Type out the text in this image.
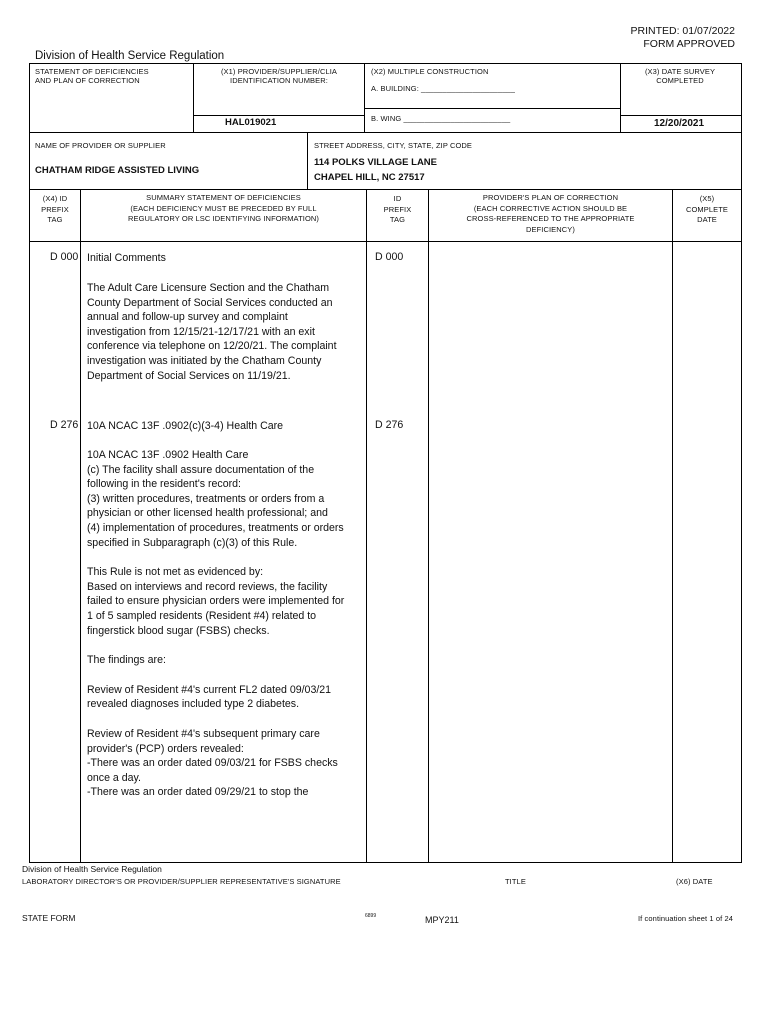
PRINTED: 01/07/2022
FORM APPROVED
Division of Health Service Regulation
STATEMENT OF DEFICIENCIES
AND PLAN OF CORRECTION
(X1) PROVIDER/SUPPLIER/CLIA
IDENTIFICATION NUMBER:
HAL019021
(X2) MULTIPLE CONSTRUCTION
A. BUILDING: ______________________
B. WING _________________________
(X3) DATE SURVEY
COMPLETED
12/20/2021
NAME OF PROVIDER OR SUPPLIER
CHATHAM RIDGE ASSISTED LIVING
STREET ADDRESS, CITY, STATE, ZIP CODE
114 POLKS VILLAGE LANE
CHAPEL HILL, NC 27517
(X4) ID
PREFIX
TAG
SUMMARY STATEMENT OF DEFICIENCIES
(EACH DEFICIENCY MUST BE PRECEDED BY FULL
REGULATORY OR LSC IDENTIFYING INFORMATION)
ID
PREFIX
TAG
PROVIDER'S PLAN OF CORRECTION
(EACH CORRECTIVE ACTION SHOULD BE
CROSS-REFERENCED TO THE APPROPRIATE
DEFICIENCY)
(X5)
COMPLETE
DATE
D 000	D 000
Initial Comments
The Adult Care Licensure Section and the Chatham County Department of Social Services conducted an annual and follow-up survey and complaint investigation from 12/15/21-12/17/21 with an exit conference via telephone on 12/20/21. The complaint investigation was initiated by the Chatham County Department of Social Services on 11/19/21.
D 276	D 276
10A NCAC 13F .0902(c)(3-4) Health Care
10A NCAC 13F .0902 Health Care
(c) The facility shall assure documentation of the following in the resident's record:
(3) written procedures, treatments or orders from a physician or other licensed health professional; and
(4) implementation of procedures, treatments or orders specified in Subparagraph (c)(3) of this Rule.
This Rule is not met as evidenced by:
Based on interviews and record reviews, the facility failed to ensure physician orders were implemented for 1 of 5 sampled residents (Resident #4) related to fingerstick blood sugar (FSBS) checks.
The findings are:
Review of Resident #4's current FL2 dated 09/03/21 revealed diagnoses included type 2 diabetes.
Review of Resident #4's subsequent primary care provider's (PCP) orders revealed:
-There was an order dated 09/03/21 for FSBS checks once a day.
-There was an order dated 09/29/21 to stop the
Division of Health Service Regulation
LABORATORY DIRECTOR'S OR PROVIDER/SUPPLIER REPRESENTATIVE'S SIGNATURE	TITLE	(X6) DATE
STATE FORM	6899	MPY211	If continuation sheet 1 of 24
